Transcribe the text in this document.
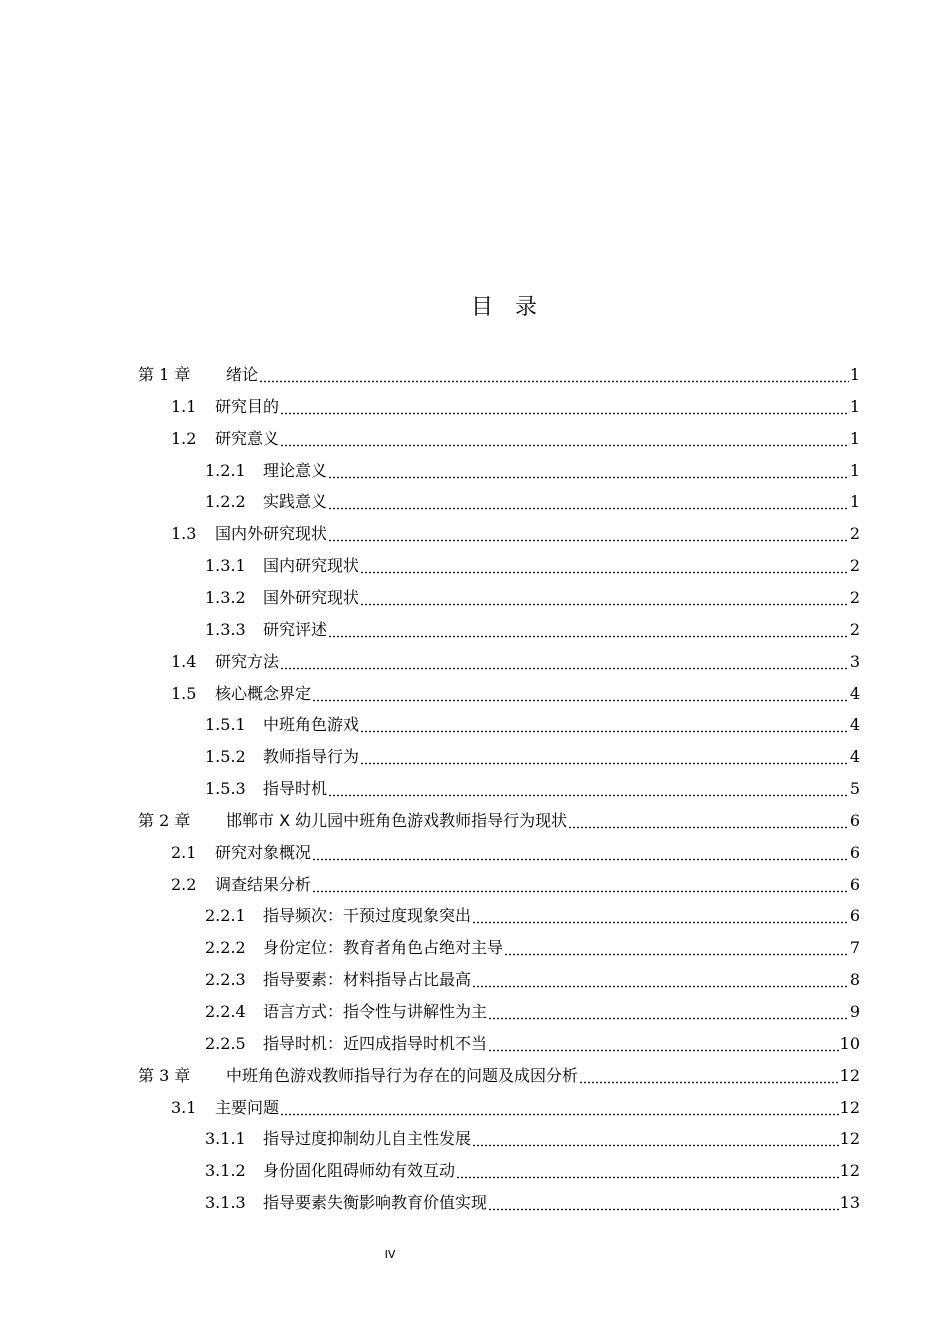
目录
第 1 章	绪论	1
1.1	研究目的	1
1.2	研究意义	1
1.2.1	理论意义	1
1.2.2	实践意义	1
1.3	国内外研究现状	2
1.3.1	国内研究现状	2
1.3.2	国外研究现状	2
1.3.3	研究评述	2
1.4	研究方法	3
1.5	核心概念界定	4
1.5.1	中班角色游戏	4
1.5.2	教师指导行为	4
1.5.3	指导时机	5
第 2 章	邯郸市 X 幼儿园中班角色游戏教师指导行为现状	6
2.1	研究对象概况	6
2.2	调查结果分析	6
2.2.1	指导频次：干预过度现象突出	6
2.2.2	身份定位：教育者角色占绝对主导	7
2.2.3	指导要素：材料指导占比最高	8
2.2.4	语言方式：指令性与讲解性为主	9
2.2.5	指导时机：近四成指导时机不当	10
第 3 章	中班角色游戏教师指导行为存在的问题及成因分析	12
3.1	主要问题	12
3.1.1	指导过度抑制幼儿自主性发展	12
3.1.2	身份固化阻碍师幼有效互动	12
3.1.3	指导要素失衡影响教育价值实现	13
IV
